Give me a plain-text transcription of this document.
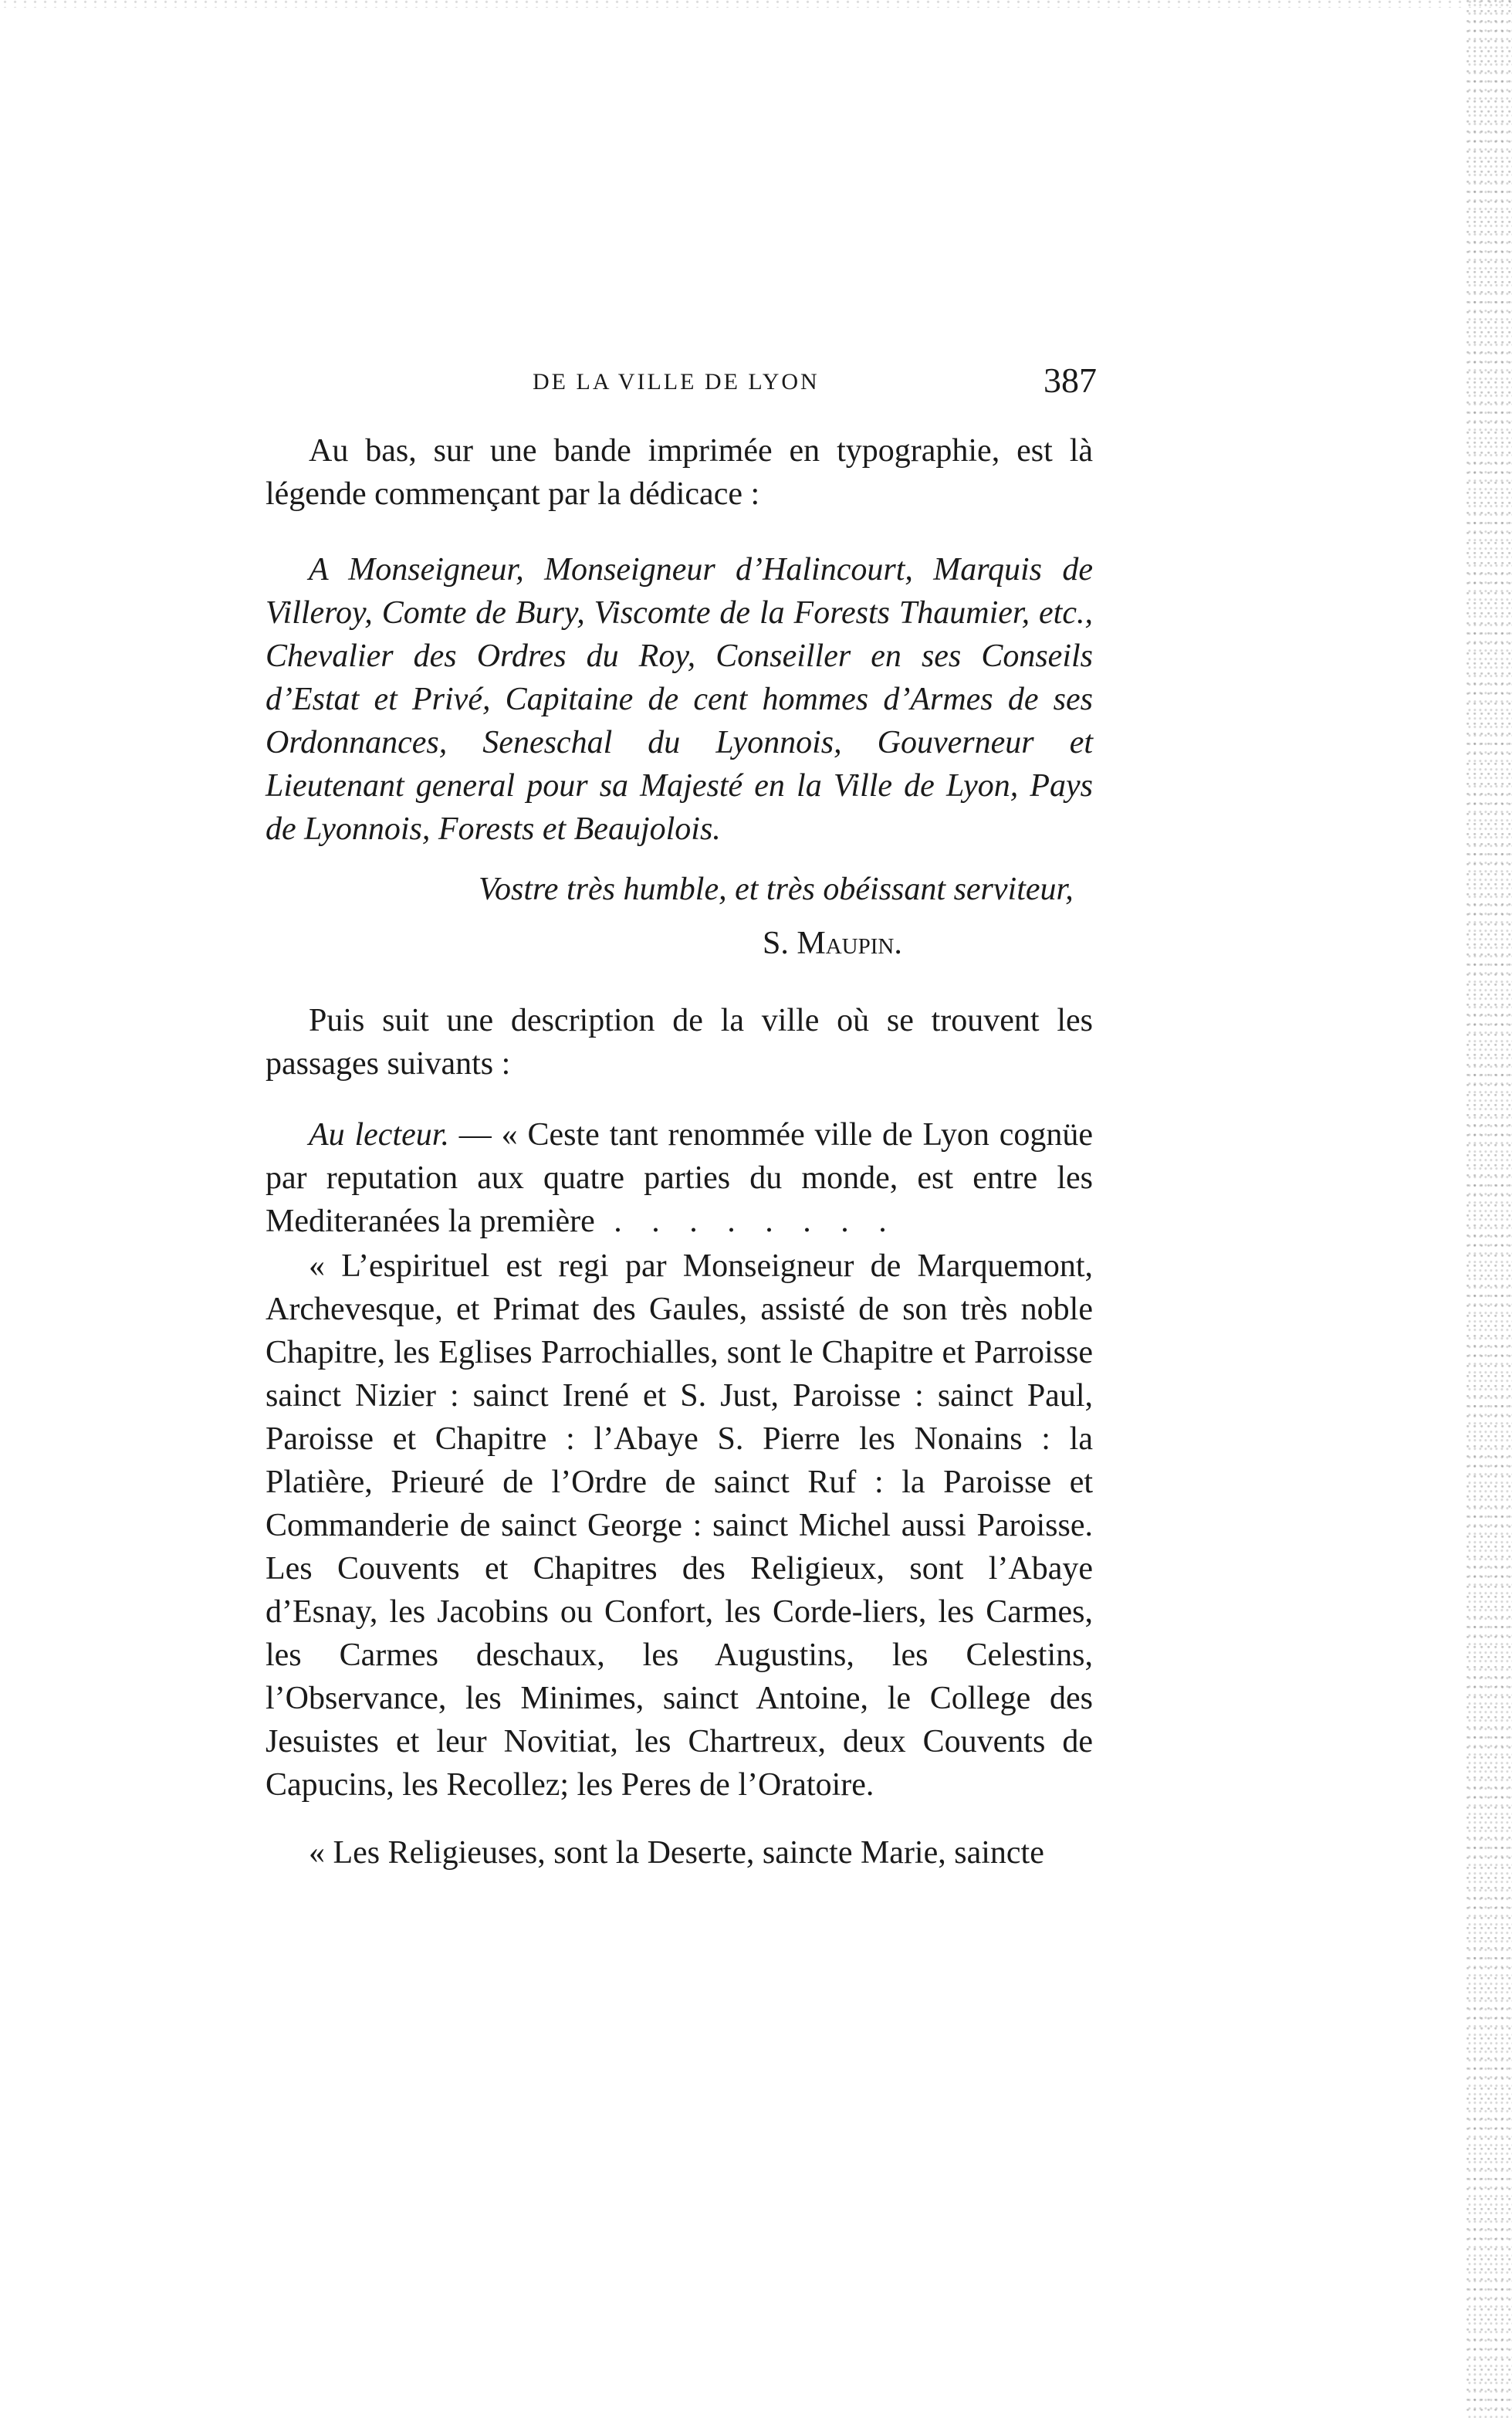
DE LA VILLE DE LYON	387

Au bas, sur une bande imprimée en typographie, est là légende commençant par la dédicace :

A Monseigneur, Monseigneur d’Halincourt, Marquis de Villeroy, Comte de Bury, Viscomte de la Forests Thaumier, etc., Chevalier des Ordres du Roy, Conseiller en ses Conseils d’Estat et Privé, Capitaine de cent hommes d’Armes de ses Ordonnances, Seneschal du Lyonnois, Gouverneur et Lieutenant general pour sa Majesté en la Ville de Lyon, Pays de Lyonnois, Forests et Beaujolois.

Vostre très humble, et très obéissant serviteur,
S. Maupin.

Puis suit une description de la ville où se trouvent les passages suivants :

Au lecteur. — « Ceste tant renommée ville de Lyon cognüe par reputation aux quatre parties du monde, est entre les Mediteranées la première . . . . . . . .

« L’espirituel est regi par Monseigneur de Marquemont, Archevesque, et Primat des Gaules, assisté de son très noble Chapitre, les Eglises Parrochialles, sont le Chapitre et Parroisse sainct Nizier : sainct Irené et S. Just, Paroisse : sainct Paul, Paroisse et Chapitre : l’Abaye S. Pierre les Nonains : la Platière, Prieuré de l’Ordre de sainct Ruf : la Paroisse et Commanderie de sainct George : sainct Michel aussi Paroisse. Les Couvents et Chapitres des Religieux, sont l’Abaye d’Esnay, les Jacobins ou Confort, les Corde-liers, les Carmes, les Carmes deschaux, les Augustins, les Celestins, l’Observance, les Minimes, sainct Antoine, le College des Jesuistes et leur Novitiat, les Chartreux, deux Couvents de Capucins, les Recollez; les Peres de l’Oratoire.

« Les Religieuses, sont la Deserte, saincte Marie, saincte
